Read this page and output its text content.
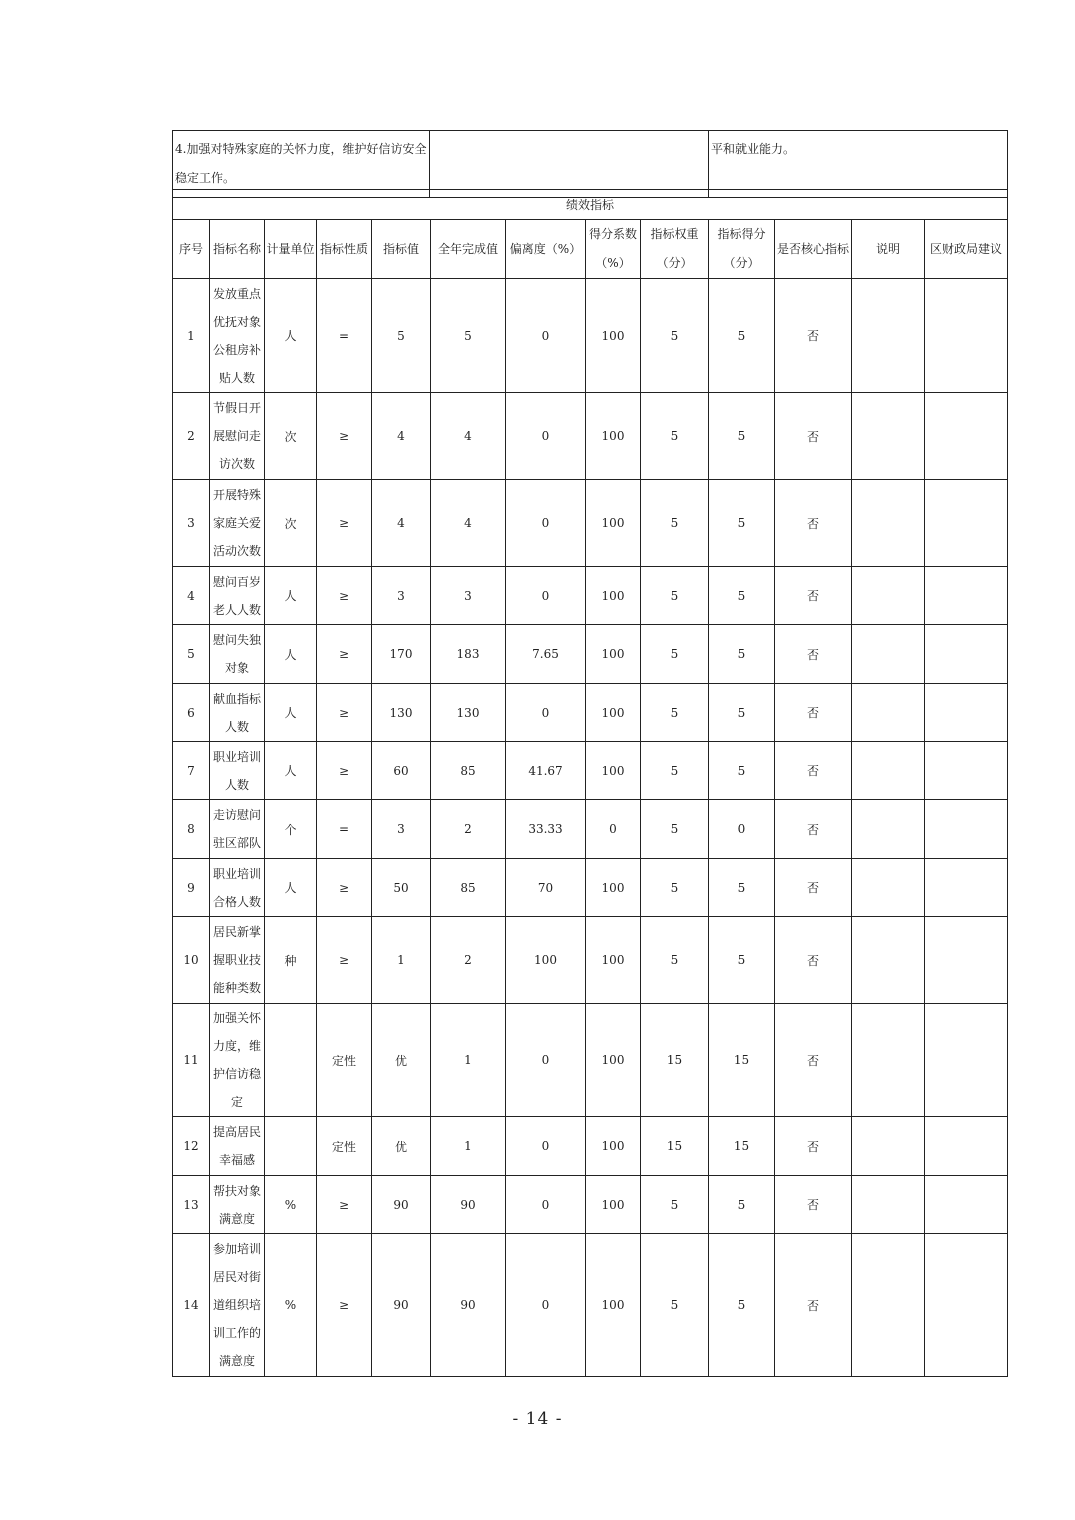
4.加强对特殊家庭的关怀力度，维护好信访安全稳定工作。		平和就业能力。
绩效指标												
序号	指标名称	计量单位	指标性质	指标值	全年完成值	偏离度（%）	得分系数（%）	指标权重（分）	指标得分（分）	是否核心指标	说明	区财政局建议
1	发放重点优抚对象公租房补贴人数	人	=	5	5	0	100	5	5	否		
2	节假日开展慰问走访次数	次	≥	4	4	0	100	5	5	否		
3	开展特殊家庭关爱活动次数	次	≥	4	4	0	100	5	5	否		
4	慰问百岁老人人数	人	≥	3	3	0	100	5	5	否		
5	慰问失独对象	人	≥	170	183	7.65	100	5	5	否		
6	献血指标人数	人	≥	130	130	0	100	5	5	否		
7	职业培训人数	人	≥	60	85	41.67	100	5	5	否		
8	走访慰问驻区部队	个	=	3	2	33.33	0	5	0	否		
9	职业培训合格人数	人	≥	50	85	70	100	5	5	否		
10	居民新掌握职业技能种类数	种	≥	1	2	100	100	5	5	否		
11	加强关怀力度，维护信访稳定		定性	优	1	0	100	15	15	否		
12	提高居民幸福感		定性	优	1	0	100	15	15	否		
13	帮扶对象满意度	%	≥	90	90	0	100	5	5	否		
14	参加培训居民对街道组织培训工作的满意度	%	≥	90	90	0	100	5	5	否		
- 14 -
